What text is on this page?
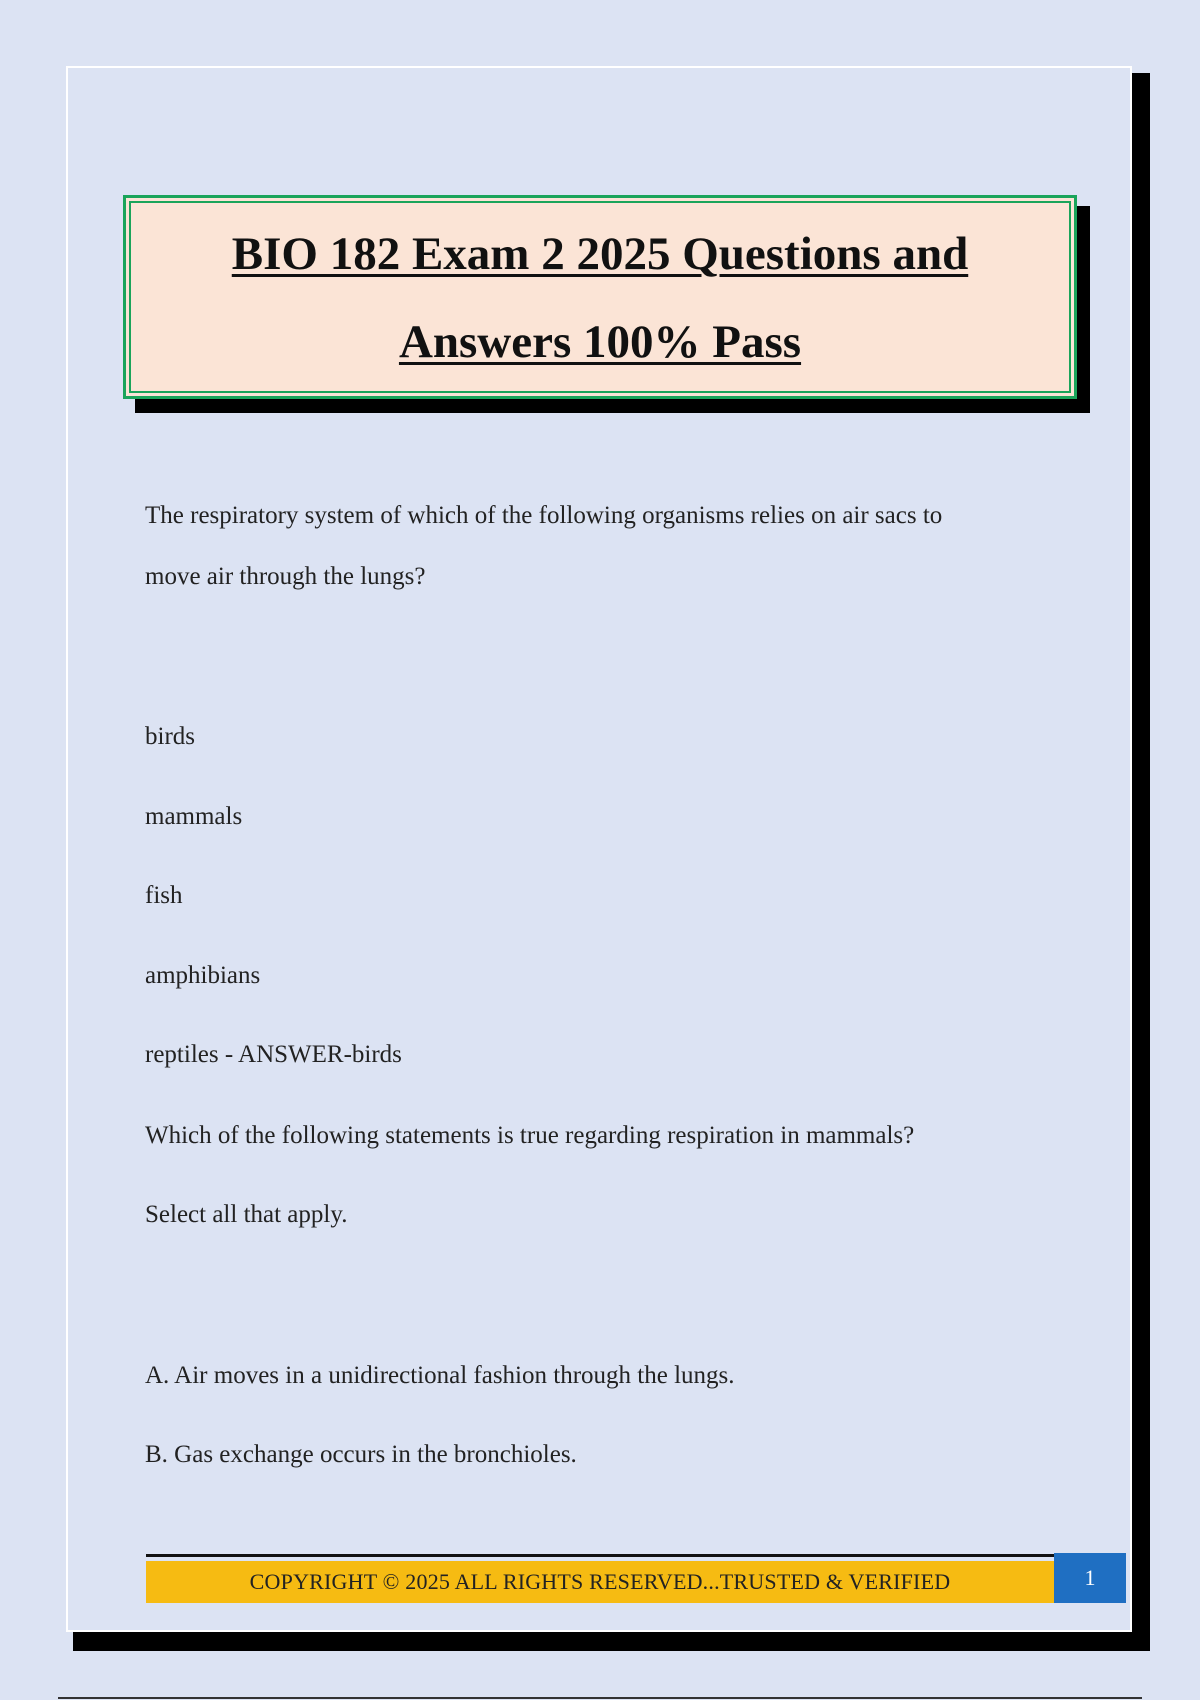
BIO 182 Exam 2 2025 Questions and Answers 100% Pass
The respiratory system of which of the following organisms relies on air sacs to
move air through the lungs?
birds
mammals
fish
amphibians
reptiles - ANSWER-birds
Which of the following statements is true regarding respiration in mammals?
Select all that apply.
A. Air moves in a unidirectional fashion through the lungs.
B. Gas exchange occurs in the bronchioles.
COPYRIGHT © 2025 ALL RIGHTS RESERVED...TRUSTED & VERIFIED	1
